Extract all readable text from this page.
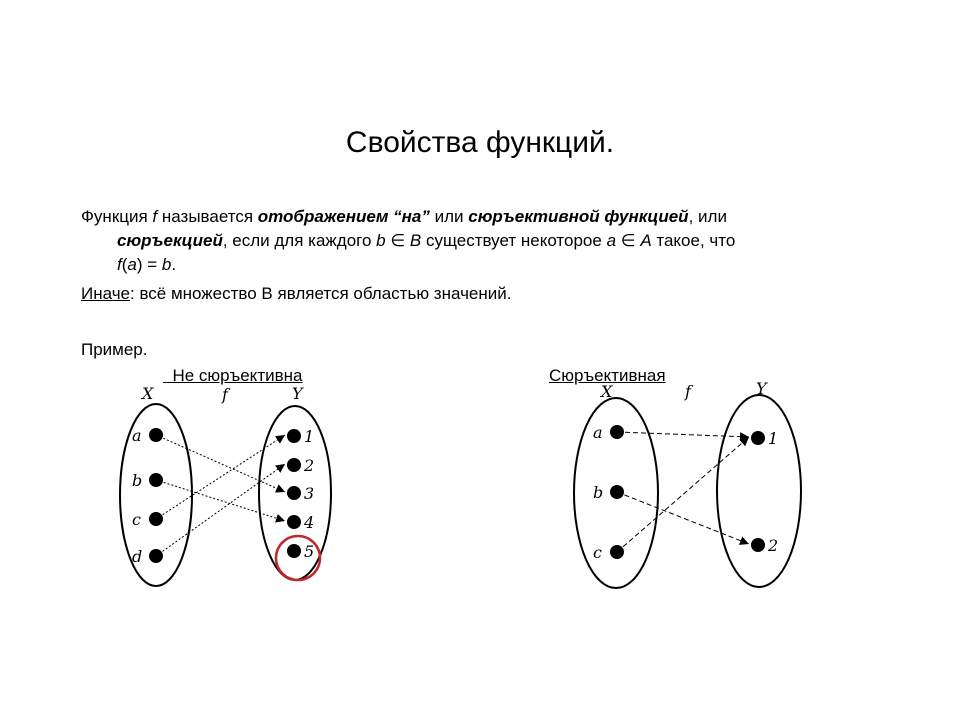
Свойства функций.
Функция f называется отображением “на” или сюръективной функцией, или
сюръекцией, если для каждого b ∈ B существует некоторое a ∈ A такое, что
f(a) = b.
Иначе: всё множество В является областью значений.
Пример.
Не сюръективна	Сюръективная
X	Y
f
a
b
c
d
1
2
3
4
5
X	Y
f
a
b
c
1
2
